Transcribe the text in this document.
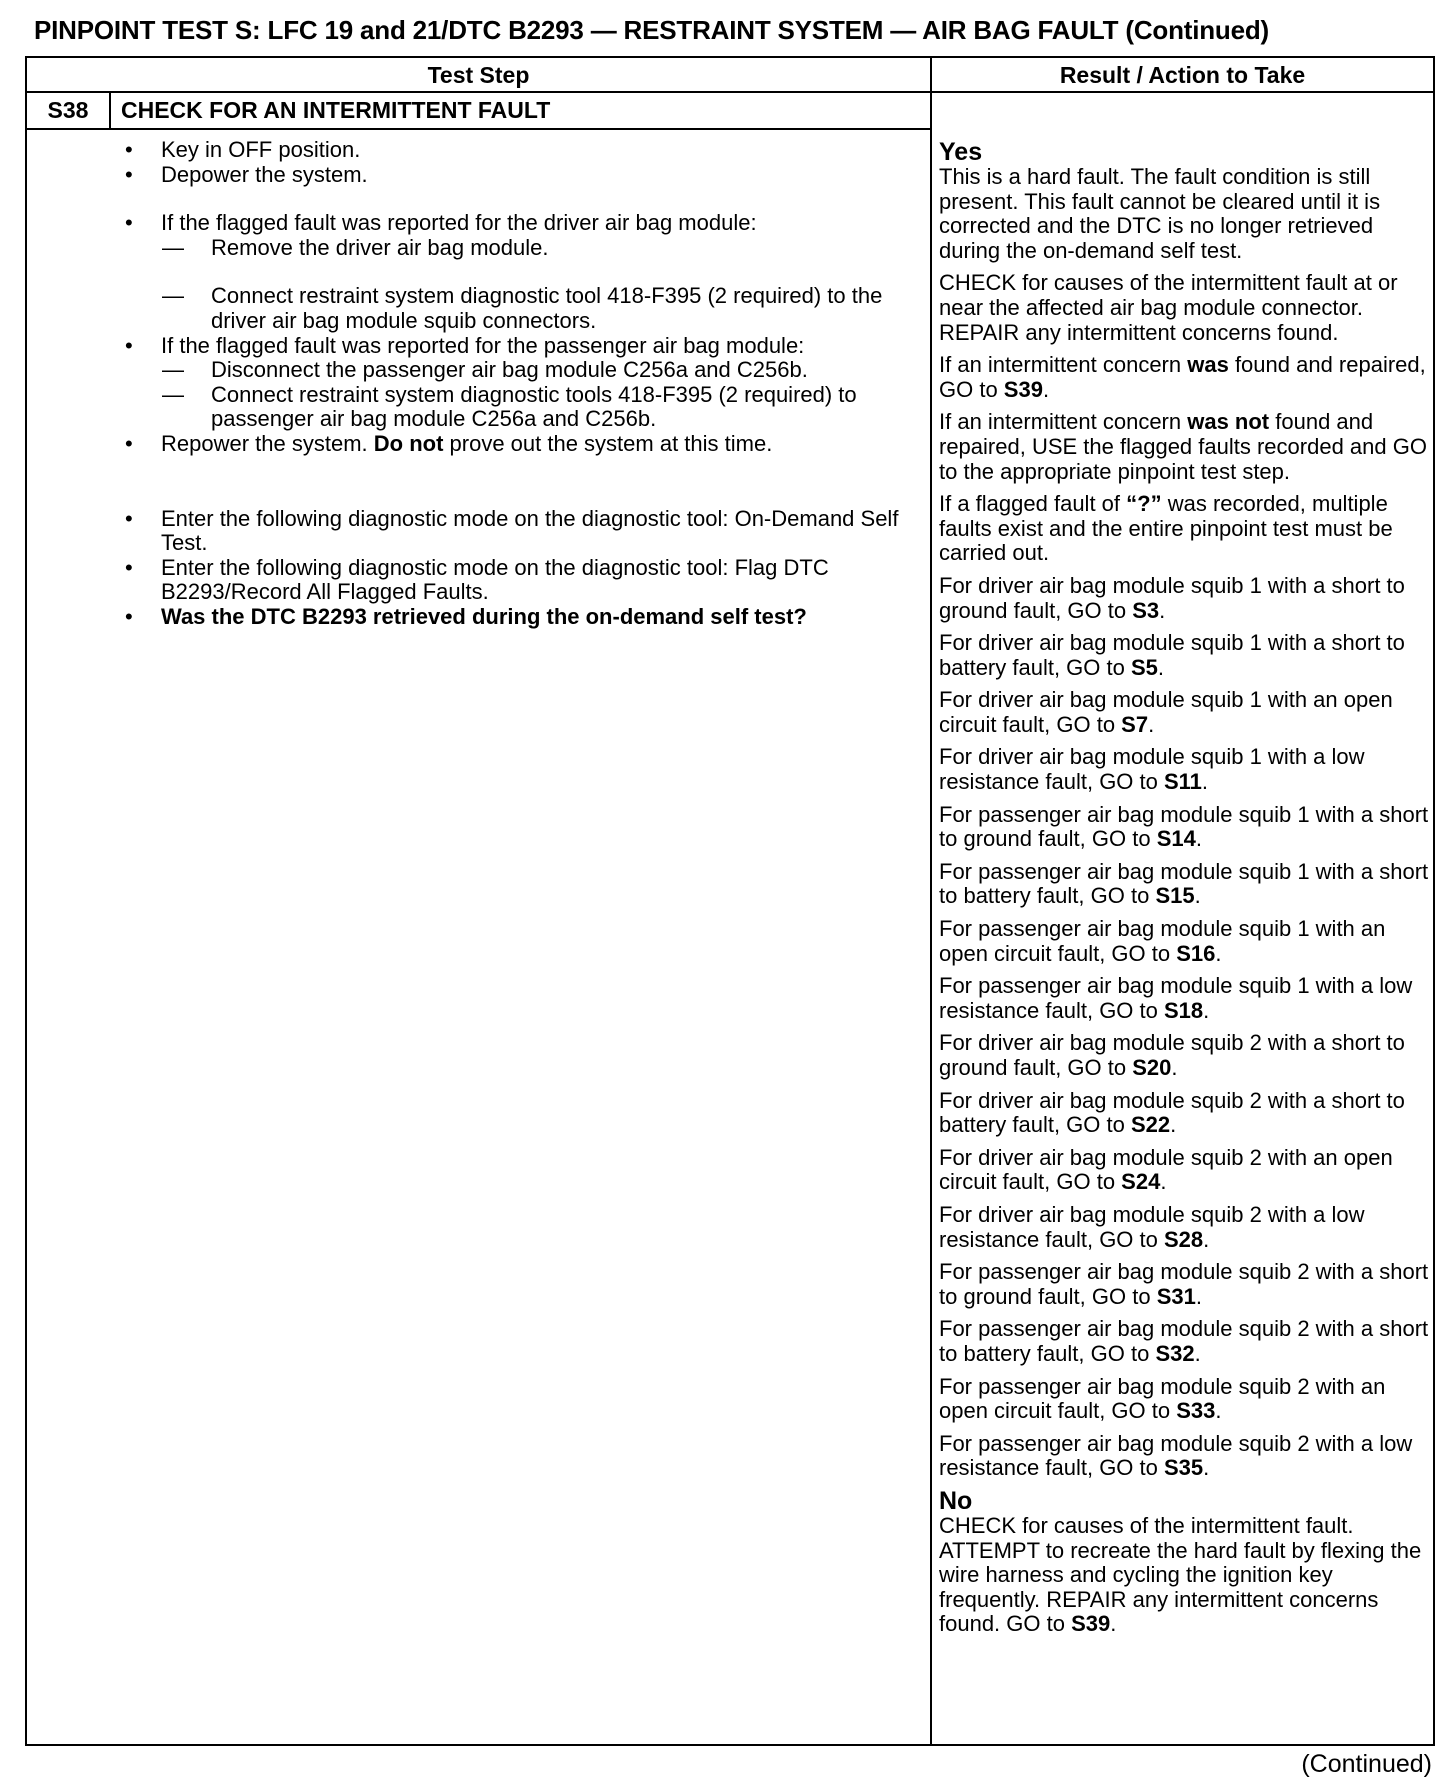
PINPOINT TEST S: LFC 19 and 21/DTC B2293 — RESTRAINT SYSTEM — AIR BAG FAULT (Continued)
Test Step	Result / Action to Take
S38	CHECK FOR AN INTERMITTENT FAULT
• Key in OFF position.
• Depower the system.
• If the flagged fault was reported for the driver air bag module:
— Remove the driver air bag module.
— Connect restraint system diagnostic tool 418-F395 (2 required) to the driver air bag module squib connectors.
• If the flagged fault was reported for the passenger air bag module:
— Disconnect the passenger air bag module C256a and C256b.
— Connect restraint system diagnostic tools 418-F395 (2 required) to passenger air bag module C256a and C256b.
• Repower the system. Do not prove out the system at this time.
• Enter the following diagnostic mode on the diagnostic tool: On-Demand Self Test.
• Enter the following diagnostic mode on the diagnostic tool: Flag DTC B2293/Record All Flagged Faults.
• Was the DTC B2293 retrieved during the on-demand self test?
Yes
This is a hard fault. The fault condition is still present. This fault cannot be cleared until it is corrected and the DTC is no longer retrieved during the on-demand self test.
CHECK for causes of the intermittent fault at or near the affected air bag module connector. REPAIR any intermittent concerns found.
If an intermittent concern was found and repaired, GO to S39.
If an intermittent concern was not found and repaired, USE the flagged faults recorded and GO to the appropriate pinpoint test step.
If a flagged fault of “?” was recorded, multiple faults exist and the entire pinpoint test must be carried out.
For driver air bag module squib 1 with a short to ground fault, GO to S3.
For driver air bag module squib 1 with a short to battery fault, GO to S5.
For driver air bag module squib 1 with an open circuit fault, GO to S7.
For driver air bag module squib 1 with a low resistance fault, GO to S11.
For passenger air bag module squib 1 with a short to ground fault, GO to S14.
For passenger air bag module squib 1 with a short to battery fault, GO to S15.
For passenger air bag module squib 1 with an open circuit fault, GO to S16.
For passenger air bag module squib 1 with a low resistance fault, GO to S18.
For driver air bag module squib 2 with a short to ground fault, GO to S20.
For driver air bag module squib 2 with a short to battery fault, GO to S22.
For driver air bag module squib 2 with an open circuit fault, GO to S24.
For driver air bag module squib 2 with a low resistance fault, GO to S28.
For passenger air bag module squib 2 with a short to ground fault, GO to S31.
For passenger air bag module squib 2 with a short to battery fault, GO to S32.
For passenger air bag module squib 2 with an open circuit fault, GO to S33.
For passenger air bag module squib 2 with a low resistance fault, GO to S35.
No
CHECK for causes of the intermittent fault. ATTEMPT to recreate the hard fault by flexing the wire harness and cycling the ignition key frequently. REPAIR any intermittent concerns found. GO to S39.
(Continued)
